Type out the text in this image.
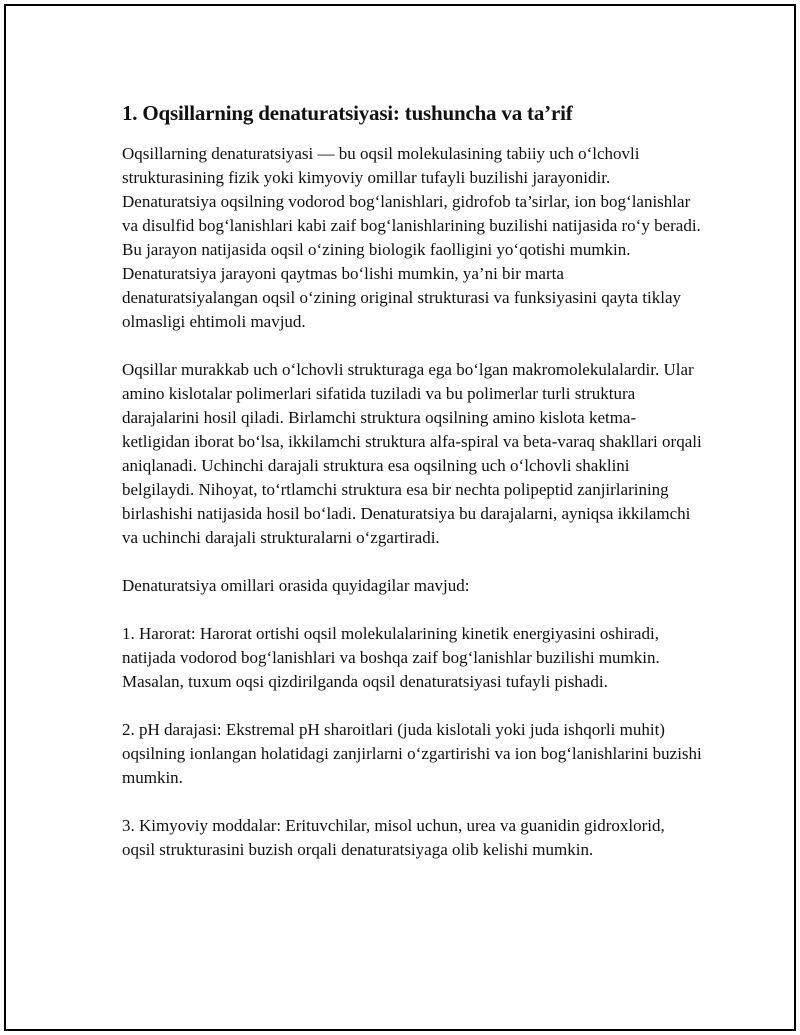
1. Oqsillarning denaturatsiyasi: tushuncha va ta’rif

Oqsillarning denaturatsiyasi — bu oqsil molekulasining tabiiy uch o‘lchovli strukturasining fizik yoki kimyoviy omillar tufayli buzilishi jarayonidir. Denaturatsiya oqsilning vodorod bog‘lanishlari, gidrofob ta’sirlar, ion bog‘lanishlar va disulfid bog‘lanishlari kabi zaif bog‘lanishlarining buzilishi natijasida ro‘y beradi. Bu jarayon natijasida oqsil o‘zining biologik faolligini yo‘qotishi mumkin. Denaturatsiya jarayoni qaytmas bo‘lishi mumkin, ya’ni bir marta denaturatsiyalangan oqsil o‘zining original strukturasi va funksiyasini qayta tiklay olmasligi ehtimoli mavjud.

Oqsillar murakkab uch o‘lchovli strukturaga ega bo‘lgan makromolekulalardir. Ular amino kislotalar polimerlari sifatida tuziladi va bu polimerlar turli struktura darajalarini hosil qiladi. Birlamchi struktura oqsilning amino kislota ketma-ketligidan iborat bo‘lsa, ikkilamchi struktura alfa-spiral va beta-varaq shakllari orqali aniqlanadi. Uchinchi darajali struktura esa oqsilning uch o‘lchovli shaklini belgilaydi. Nihoyat, to‘rtlamchi struktura esa bir nechta polipeptid zanjirlarining birlashishi natijasida hosil bo‘ladi. Denaturatsiya bu darajalarni, ayniqsa ikkilamchi va uchinchi darajali strukturalarni o‘zgartiradi.

Denaturatsiya omillari orasida quyidagilar mavjud:

1. Harorat: Harorat ortishi oqsil molekulalarining kinetik energiyasini oshiradi, natijada vodorod bog‘lanishlari va boshqa zaif bog‘lanishlar buzilishi mumkin. Masalan, tuxum oqsi qizdirilganda oqsil denaturatsiyasi tufayli pishadi.

2. pH darajasi: Ekstremal pH sharoitlari (juda kislotali yoki juda ishqorli muhit) oqsilning ionlangan holatidagi zanjirlarni o‘zgartirishi va ion bog‘lanishlarini buzishi mumkin.

3. Kimyoviy moddalar: Erituvchilar, misol uchun, urea va guanidin gidroxlorid, oqsil strukturasini buzish orqali denaturatsiyaga olib kelishi mumkin.
